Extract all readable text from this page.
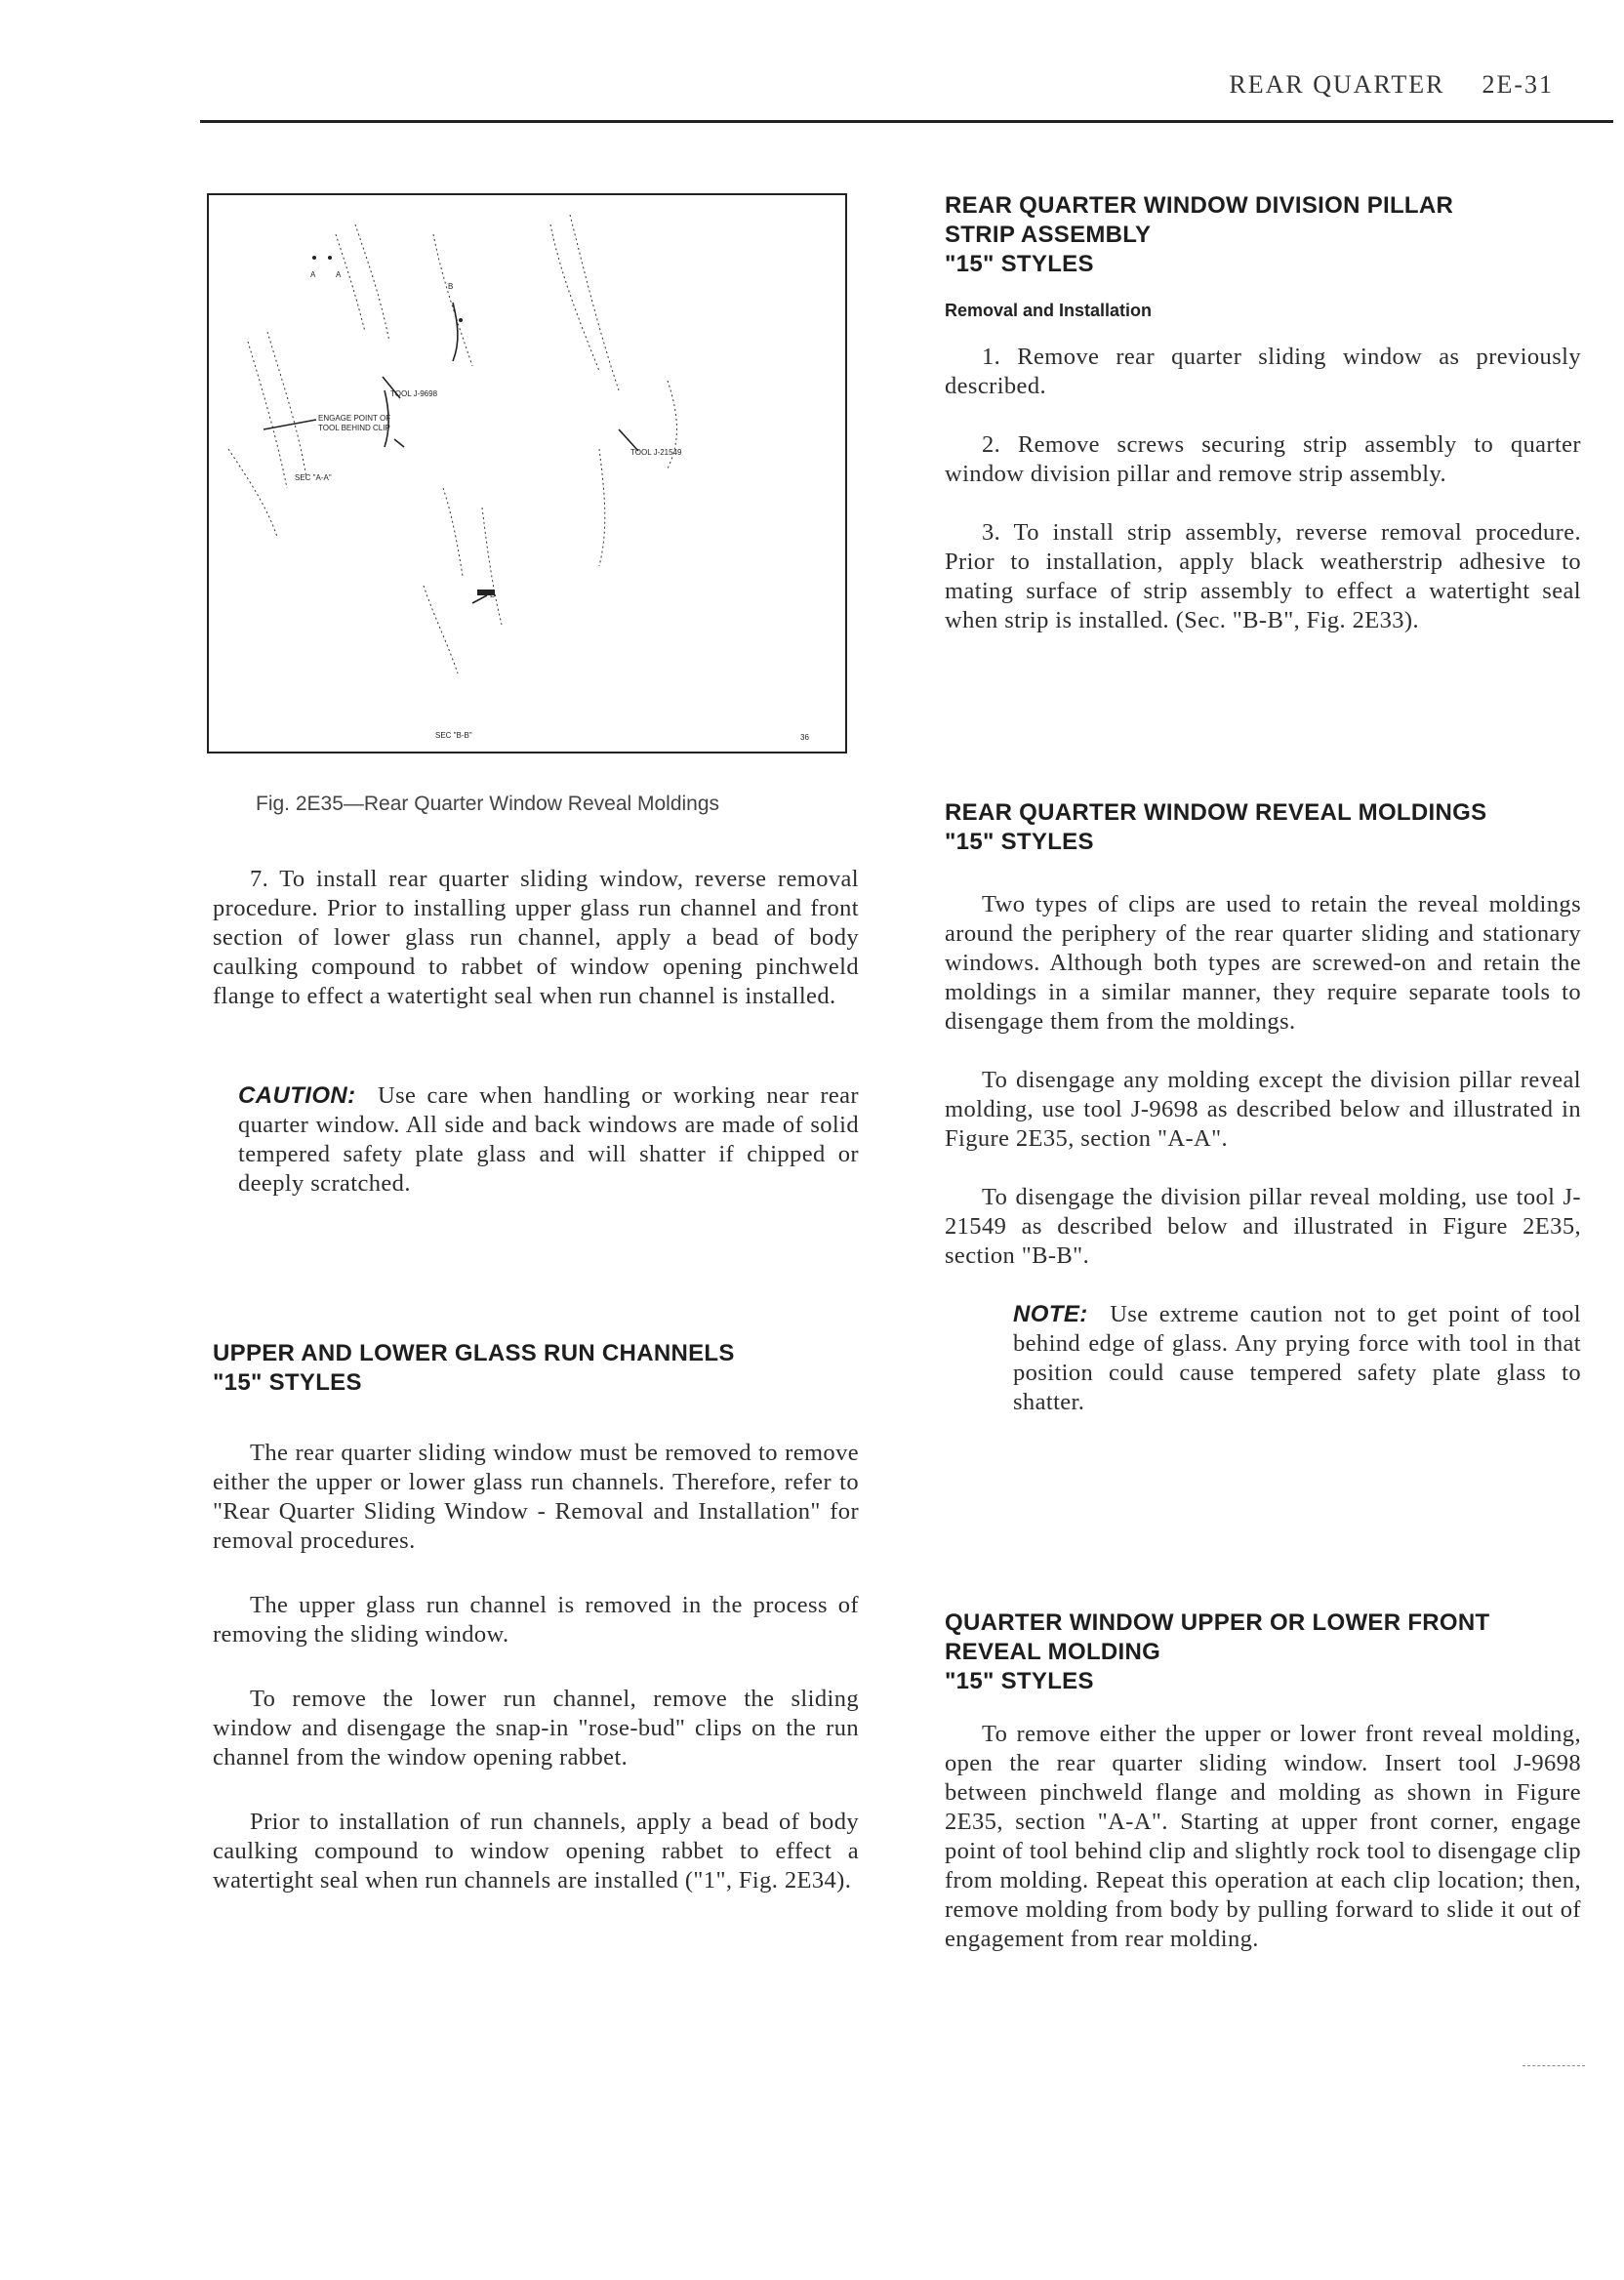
REAR QUARTER 2E-31
A	A
B
B
TOOL J-9698
ENGAGE POINT OF
TOOL BEHIND CLIP
TOOL J-21549
SEC "A-A"
SEC "B-B"	36
Fig. 2E35—Rear Quarter Window Reveal Moldings

7. To install rear quarter sliding window, reverse removal procedure. Prior to installing upper glass run channel and front section of lower glass run channel, apply a bead of body caulking compound to rabbet of window opening pinchweld flange to effect a watertight seal when run channel is installed.

CAUTION: Use care when handling or working near rear quarter window. All side and back windows are made of solid tempered safety plate glass and will shatter if chipped or deeply scratched.

UPPER AND LOWER GLASS RUN CHANNELS
"15" STYLES

The rear quarter sliding window must be removed to remove either the upper or lower glass run channels. Therefore, refer to "Rear Quarter Sliding Window - Removal and Installation" for removal procedures.

The upper glass run channel is removed in the process of removing the sliding window.

To remove the lower run channel, remove the sliding window and disengage the snap-in "rose-bud" clips on the run channel from the window opening rabbet.

Prior to installation of run channels, apply a bead of body caulking compound to window opening rabbet to effect a watertight seal when run channels are installed ("1", Fig. 2E34).

REAR QUARTER WINDOW DIVISION PILLAR
STRIP ASSEMBLY
"15" STYLES
Removal and Installation

1. Remove rear quarter sliding window as previously described.

2. Remove screws securing strip assembly to quarter window division pillar and remove strip assembly.

3. To install strip assembly, reverse removal procedure. Prior to installation, apply black weatherstrip adhesive to mating surface of strip assembly to effect a watertight seal when strip is installed. (Sec. "B-B", Fig. 2E33).

REAR QUARTER WINDOW REVEAL MOLDINGS
"15" STYLES

Two types of clips are used to retain the reveal moldings around the periphery of the rear quarter sliding and stationary windows. Although both types are screwed-on and retain the moldings in a similar manner, they require separate tools to disengage them from the moldings.

To disengage any molding except the division pillar reveal molding, use tool J-9698 as described below and illustrated in Figure 2E35, section "A-A".

To disengage the division pillar reveal molding, use tool J-21549 as described below and illustrated in Figure 2E35, section "B-B".

NOTE: Use extreme caution not to get point of tool behind edge of glass. Any prying force with tool in that position could cause tempered safety plate glass to shatter.

QUARTER WINDOW UPPER OR LOWER FRONT
REVEAL MOLDING
"15" STYLES

To remove either the upper or lower front reveal molding, open the rear quarter sliding window. Insert tool J-9698 between pinchweld flange and molding as shown in Figure 2E35, section "A-A". Starting at upper front corner, engage point of tool behind clip and slightly rock tool to disengage clip from molding. Repeat this operation at each clip location; then, remove molding from body by pulling forward to slide it out of engagement from rear molding.
